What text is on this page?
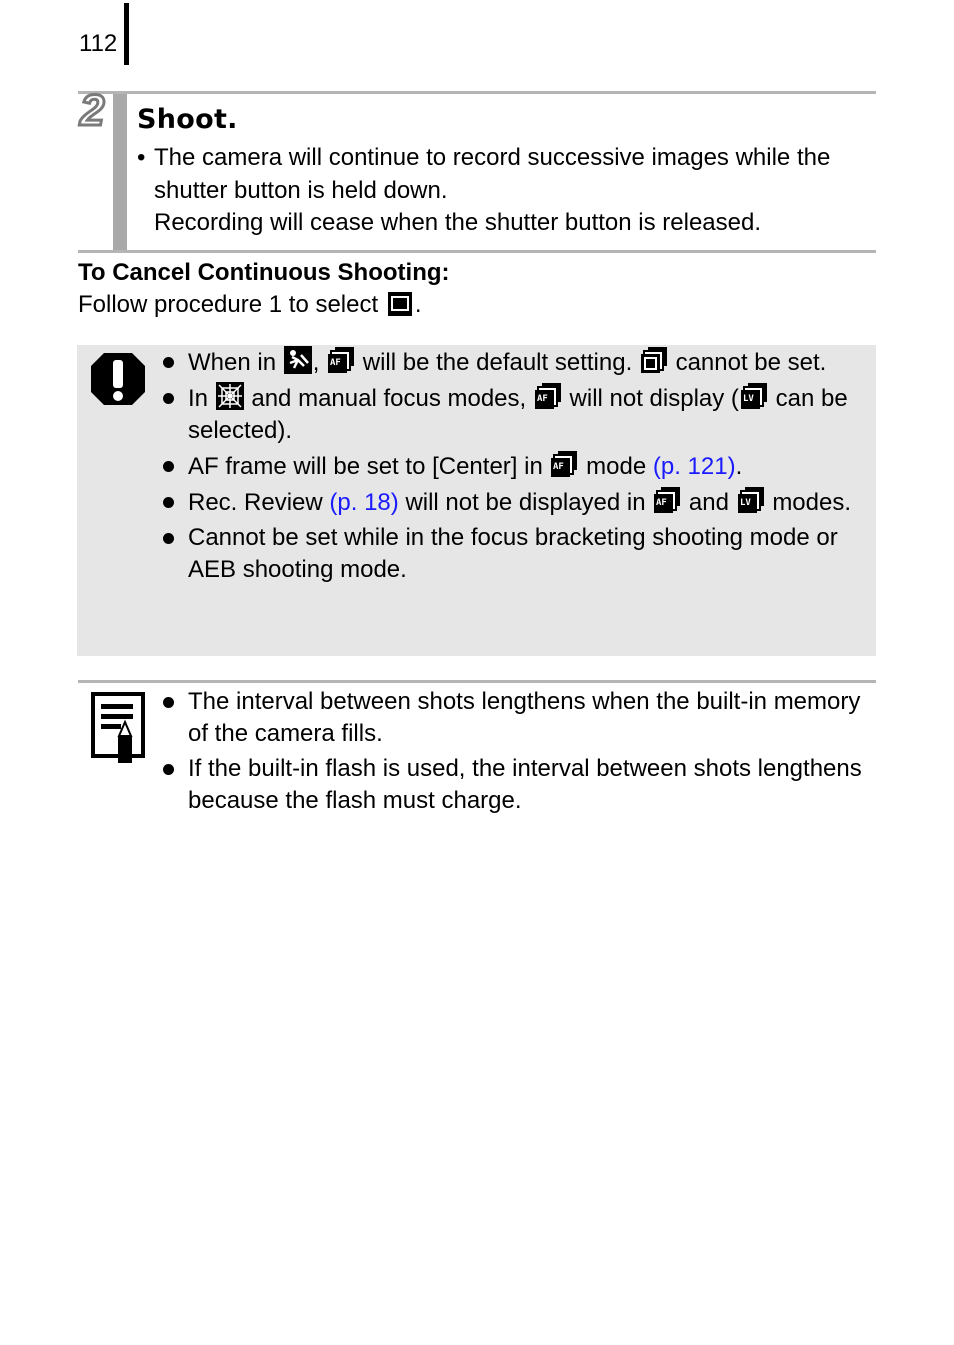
112
2 Shoot.
• The camera will continue to record successive images while the
shutter button is held down.
Recording will cease when the shutter button is released.
To Cancel Continuous Shooting:
Follow procedure 1 to select .
When in , AF will be the default setting. cannot be set.
In and manual focus modes, AF will not display ( LV can be selected).
AF frame will be set to [Center] in AF mode (p. 121).
Rec. Review (p. 18) will not be displayed in AF and LV modes.
Cannot be set while in the focus bracketing shooting mode or AEB shooting mode.
The interval between shots lengthens when the built-in memory of the camera fills.
If the built-in flash is used, the interval between shots lengthens because the flash must charge.
